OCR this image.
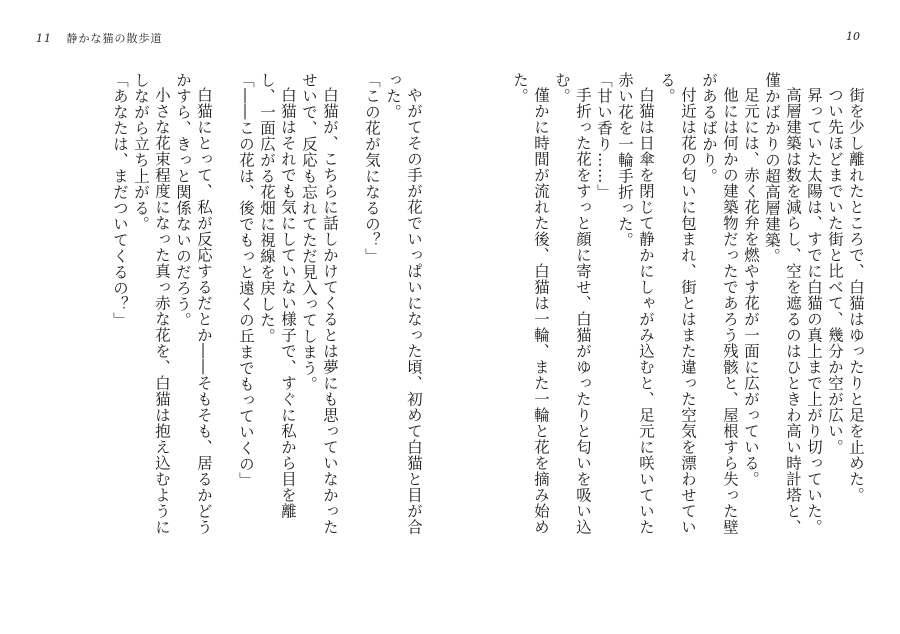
11 静かな猫の散歩道	10

街を少し離れたところで、白猫はゆったりと足を止めた。

つい先ほどまでいた街と比べて、幾分か空が広い。

昇っていた太陽は、すでに白猫の真上まで上がり切っていた。

高層建築は数を減らし、空を遮るのはひときわ高い時計塔と、僅かばかりの超高層建築。

足元には、赤く花弁を燃やす花が一面に広がっている。

他には何かの建築物だったであろう残骸と、屋根すら失った壁があるばかり。

付近は花の匂いに包まれ、街とはまた違った空気を漂わせている。

白猫は日傘を閉じて静かにしゃがみ込むと、足元に咲いていた赤い花を一輪手折った。

「甘い香り……」

手折った花をすっと顔に寄せ、白猫がゆったりと匂いを吸い込む。

僅かに時間が流れた後、白猫は一輪、また一輪と花を摘み始めた。

やがてその手が花でいっぱいになった頃、初めて白猫と目が合った。

「この花が気になるの？」

白猫が、こちらに話しかけてくるとは夢にも思っていなかったせいで、反応も忘れてただ見入ってしまう。

白猫はそれでも気にしていない様子で、すぐに私から目を離し、一面広がる花畑に視線を戻した。

「――この花は、後でもっと遠くの丘までもっていくの」

白猫にとって、私が反応するだとか――そもそも、居るかどうかすら、きっと関係ないのだろう。

小さな花束程度になった真っ赤な花を、白猫は抱え込むようにしながら立ち上がる。

「あなたは、まだついてくるの？」
